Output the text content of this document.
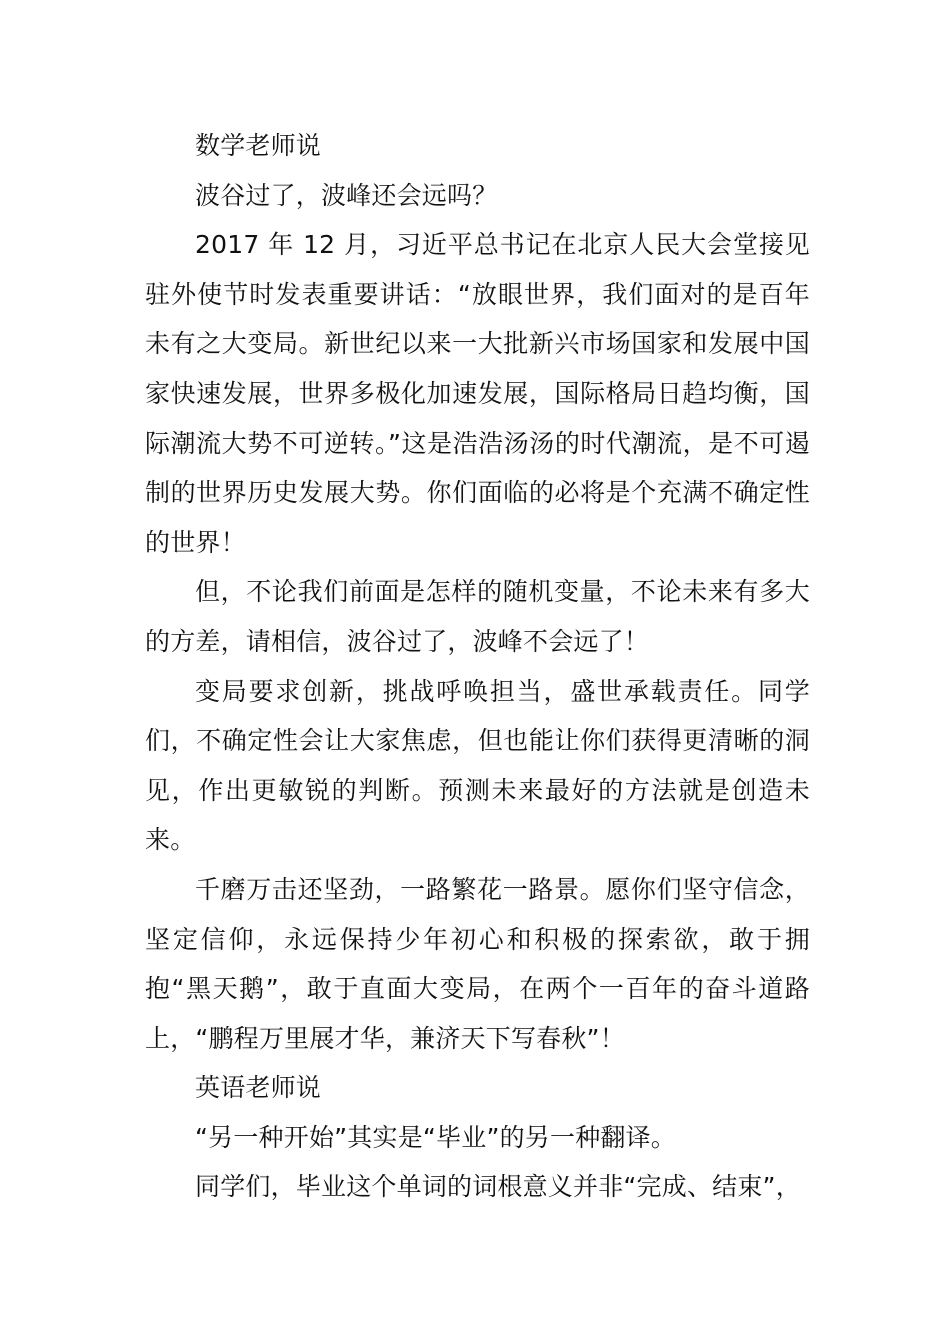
数学老师说

波谷过了，波峰还会远吗？

2017 年 12 月，习近平总书记在北京人民大会堂接见驻外使节时发表重要讲话：“放眼世界，我们面对的是百年未有之大变局。新世纪以来一大批新兴市场国家和发展中国家快速发展，世界多极化加速发展，国际格局日趋均衡，国际潮流大势不可逆转。”这是浩浩汤汤的时代潮流，是不可遏制的世界历史发展大势。你们面临的必将是个充满不确定性的世界！

但，不论我们前面是怎样的随机变量，不论未来有多大的方差，请相信，波谷过了，波峰不会远了！

变局要求创新，挑战呼唤担当，盛世承载责任。同学们，不确定性会让大家焦虑，但也能让你们获得更清晰的洞见，作出更敏锐的判断。预测未来最好的方法就是创造未来。

千磨万击还坚劲，一路繁花一路景。愿你们坚守信念，坚定信仰，永远保持少年初心和积极的探索欲，敢于拥抱“黑天鹅”，敢于直面大变局，在两个一百年的奋斗道路上，“鹏程万里展才华，兼济天下写春秋”！

英语老师说

“另一种开始”其实是“毕业”的另一种翻译。

同学们，毕业这个单词的词根意义并非“完成、结束”，
